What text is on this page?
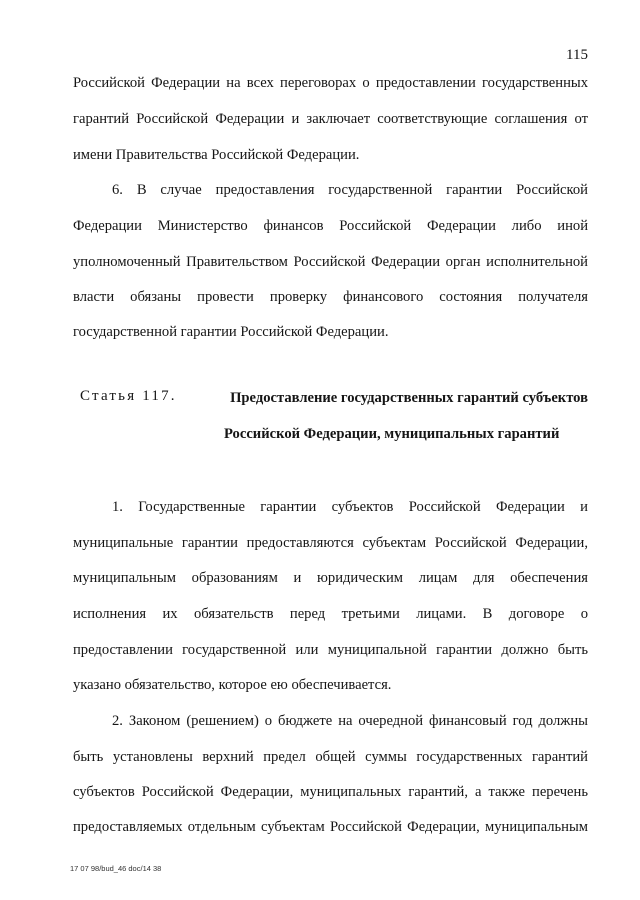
115
Российской Федерации на всех переговорах о предоставлении государственных
гарантий Российской Федерации и заключает соответствующие соглашения от
имени Правительства Российской Федерации.
6. В случае предоставления государственной гарантии Российской
Федерации Министерство финансов Российской Федерации либо иной
уполномоченный Правительством Российской Федерации орган исполнительной
власти обязаны провести проверку финансового состояния получателя
государственной гарантии Российской Федерации.
Статья 117.	Предоставление государственных гарантий субъектов
Российской Федерации, муниципальных гарантий
1. Государственные гарантии субъектов Российской Федерации и
муниципальные гарантии предоставляются субъектам Российской Федерации,
муниципальным образованиям и юридическим лицам для обеспечения
исполнения их обязательств перед третьими лицами. В договоре о
предоставлении государственной или муниципальной гарантии должно быть
указано обязательство, которое ею обеспечивается.
2. Законом (решением) о бюджете на очередной финансовый год должны
быть установлены верхний предел общей суммы государственных гарантий
субъектов Российской Федерации, муниципальных гарантий, а также перечень
предоставляемых отдельным субъектам Российской Федерации, муниципальным
17 07 98/bud_46 doc/14 38
